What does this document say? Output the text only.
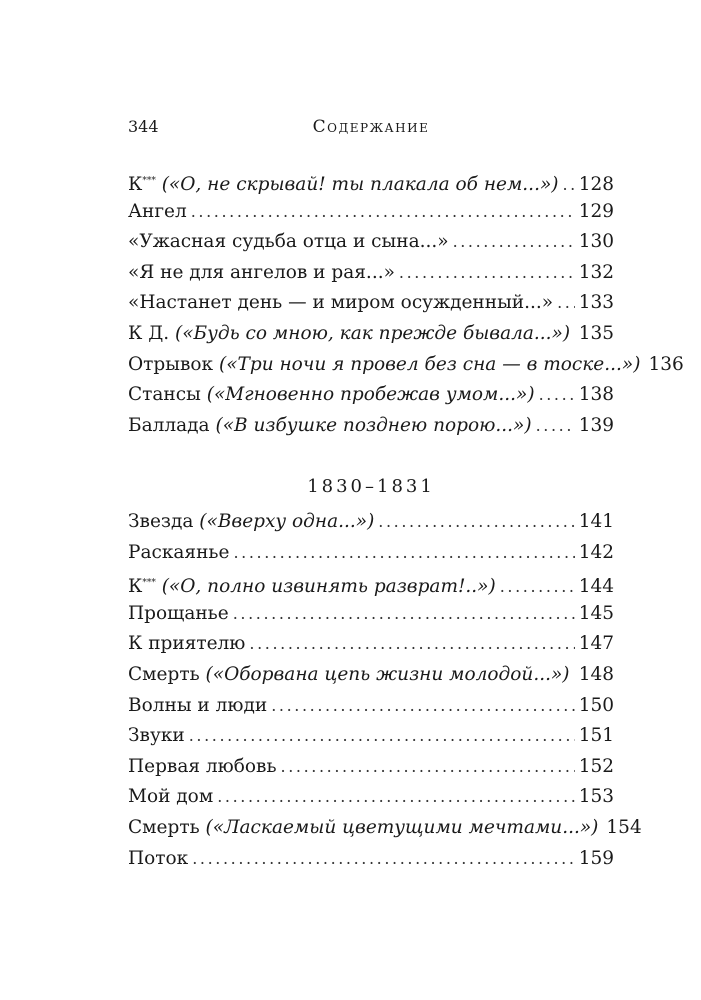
344	Содержание
К*** («О, не скрывай! ты плакала об нем...») ..... 128
Ангел .....	129
«Ужасная судьба отца и сына...» .....	130
«Я не для ангелов и рая...» .....	132
«Настанет день — и миром осужденный...» ..... 133
К Д. («Будь со мною, как прежде бывала...») ..... 135
Отрывок («Три ночи я провел без сна — в тоске...») 136
Стансы («Мгновенно пробежав умом...») ..... 138
Баллада («В избушке позднею порою...») .....	139
1830–1831
Звезда («Вверху одна...») .....	141
Раскаянье .....	142
К*** («О, полно извинять разврат!..») .....	144
Прощанье .....	145
К приятелю .....	147
Смерть («Оборвана цепь жизни молодой...») ..... 148
Волны и люди .....	150
Звуки .....	151
Первая любовь .....	152
Мой дом .....	153
Смерть («Ласкаемый цветущими мечтами...») 154
Поток .....	159
